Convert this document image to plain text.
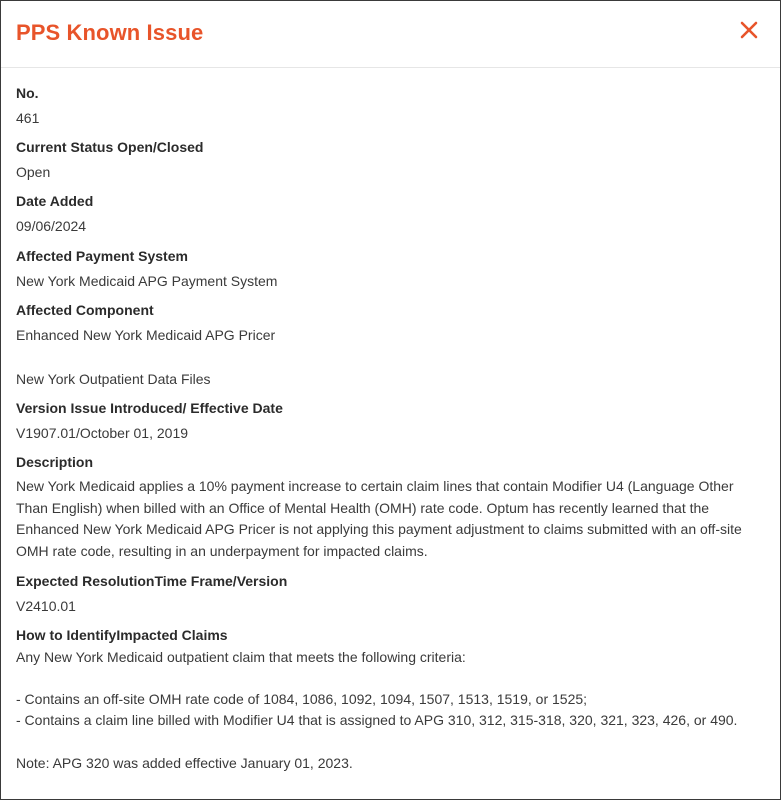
PPS Known Issue
No.
461
Current Status Open/Closed
Open
Date Added
09/06/2024
Affected Payment System
New York Medicaid APG Payment System
Affected Component
Enhanced New York Medicaid APG Pricer
New York Outpatient Data Files
Version Issue Introduced/ Effective Date
V1907.01/October 01, 2019
Description
New York Medicaid applies a 10% payment increase to certain claim lines that contain Modifier U4 (Language Other Than English) when billed with an Office of Mental Health (OMH) rate code. Optum has recently learned that the Enhanced New York Medicaid APG Pricer is not applying this payment adjustment to claims submitted with an off-site OMH rate code, resulting in an underpayment for impacted claims.
Expected ResolutionTime Frame/Version
V2410.01
How to IdentifyImpacted Claims
Any New York Medicaid outpatient claim that meets the following criteria:
- Contains an off-site OMH rate code of 1084, 1086, 1092, 1094, 1507, 1513, 1519, or 1525;
- Contains a claim line billed with Modifier U4 that is assigned to APG 310, 312, 315-318, 320, 321, 323, 426, or 490.
Note: APG 320 was added effective January 01, 2023.
